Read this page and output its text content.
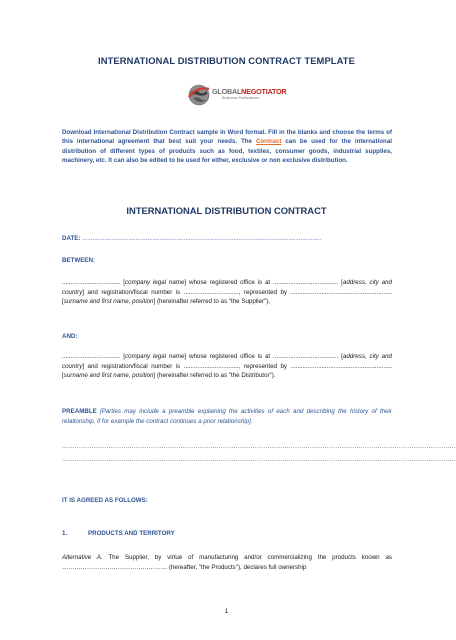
INTERNATIONAL DISTRIBUTION CONTRACT TEMPLATE
GLOBALNEGOTIATOR
Business Publications
Download International Distribution Contract sample in Word format. Fill in the blanks and choose the terms of this international agreement that best suit your needs. The Contract can be used for the international distribution of different types of products such as food, textiles, consumer goods, industrial supplies, machinery, etc. It can also be edited to be used for either, exclusive or non exclusive distribution.
INTERNATIONAL DISTRIBUTION CONTRACT
DATE: ...........................................................................................................................................
BETWEEN:
.................................. [company legal name] whose registered office is at ...................................... [address, city and country] and registration/fiscal number is ................................, represented by ........................................................... [surname and first name, position] (hereinafter referred to as "the Supplier"),
AND:
.................................. [company legal name] whose registered office is at ...................................... [address, city and country] and registration/fiscal number is ................................, represented by ........................................................... [surname and first name, position] (hereinafter referred to as "the Distributor").
PREAMBLE [Parties may include a preamble explaining the activities of each and describing the history of their relationship, if for example the contract continues a prior relationship].
..........................................................................................................................................................................................
..........................................................................................................................................................................................
IT IS AGREED AS FOLLOWS:
1.	PRODUCTS AND TERRITORY
Alternative A. The Supplier, by virtue of manufacturing and/or commercializing the products known as …………………………………………… (hereafter, "the Products"), declares full ownership
1
